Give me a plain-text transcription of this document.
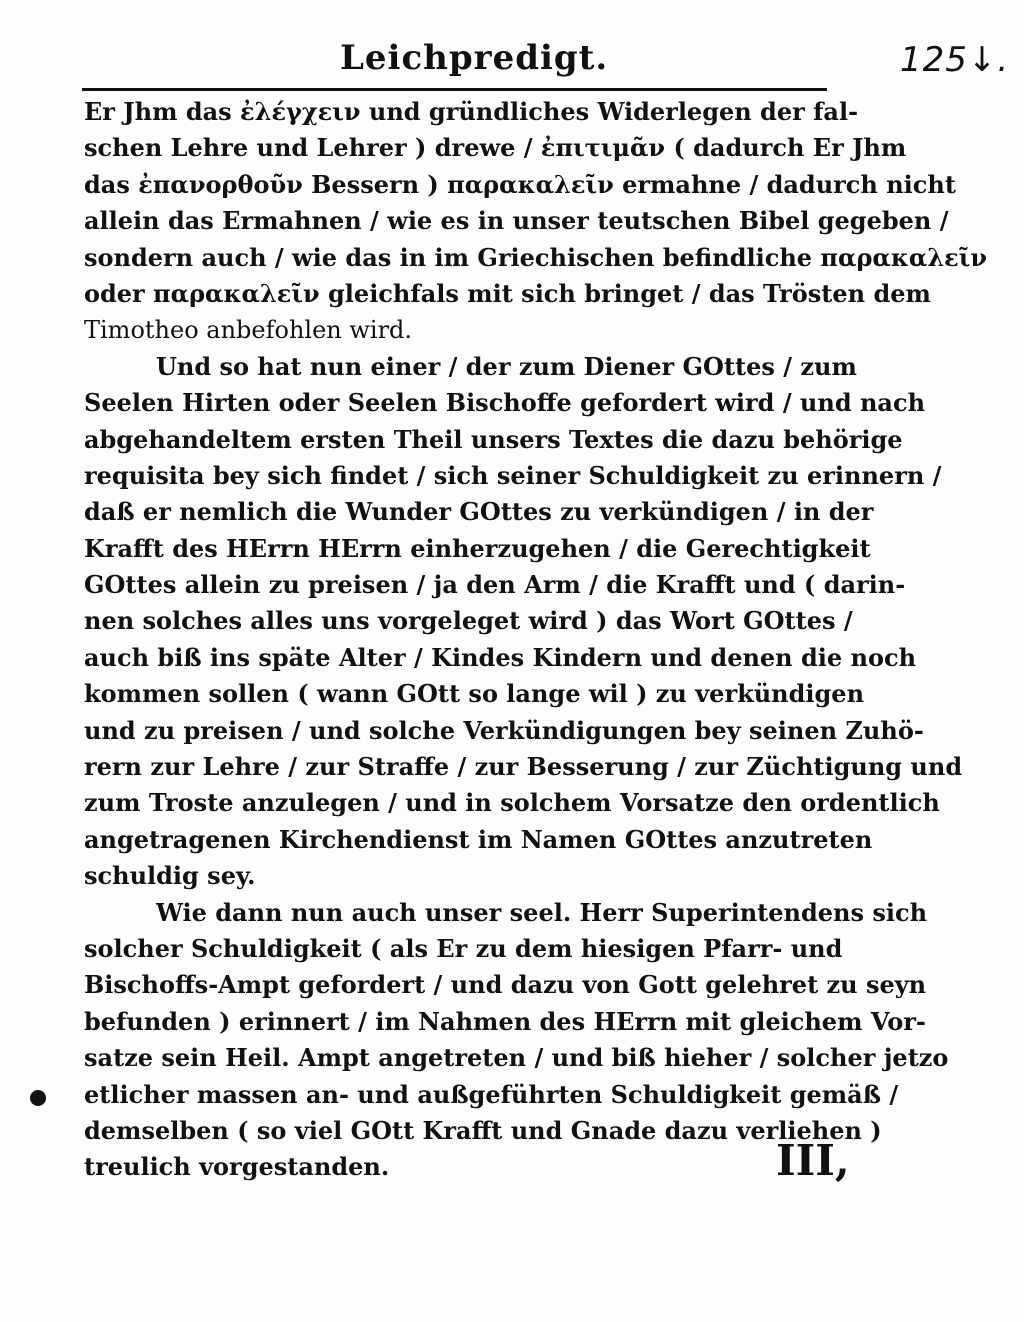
Leichpredigt.	125↓.
Er Jhm das ἐλέγχειν und gründliches Widerlegen der fal-
schen Lehre und Lehrer ) drewe / ἐπιτιμᾶν ( dadurch Er Jhm
das ἐπανορθοῦν Bessern ) παρακαλεῖν ermahne / dadurch nicht
allein das Ermahnen / wie es in unser teutschen Bibel gegeben /
sondern auch / wie das in im Griechischen befindliche παρακαλεῖν
oder παρακαλεῖν gleichfals mit sich bringet / das Trösten dem
Timotheo anbefohlen wird.
Und so hat nun einer / der zum Diener GOttes / zum
Seelen Hirten oder Seelen Bischoffe gefordert wird / und nach
abgehandeltem ersten Theil unsers Textes die dazu behörige
requisita bey sich findet / sich seiner Schuldigkeit zu erinnern /
daß er nemlich die Wunder GOttes zu verkündigen / in der
Krafft des HErrn HErrn einherzugehen / die Gerechtigkeit
GOttes allein zu preisen / ja den Arm / die Krafft und ( darin-
nen solches alles uns vorgeleget wird ) das Wort GOttes /
auch biß ins späte Alter / Kindes Kindern und denen die noch
kommen sollen ( wann GOtt so lange wil ) zu verkündigen
und zu preisen / und solche Verkündigungen bey seinen Zuhö-
rern zur Lehre / zur Straffe / zur Besserung / zur Züchtigung und
zum Troste anzulegen / und in solchem Vorsatze den ordentlich
angetragenen Kirchendienst im Namen GOttes anzutreten
schuldig sey.
Wie dann nun auch unser seel. Herr Superintendens sich
solcher Schuldigkeit ( als Er zu dem hiesigen Pfarr- und
Bischoffs-Ampt gefordert / und dazu von Gott gelehret zu seyn
befunden ) erinnert / im Nahmen des HErrn mit gleichem Vor-
satze sein Heil. Ampt angetreten / und biß hieher / solcher jetzo
etlicher massen an- und außgeführten Schuldigkeit gemäß /
demselben ( so viel GOtt Krafft und Gnade dazu verliehen )
treulich vorgestanden.	III,
